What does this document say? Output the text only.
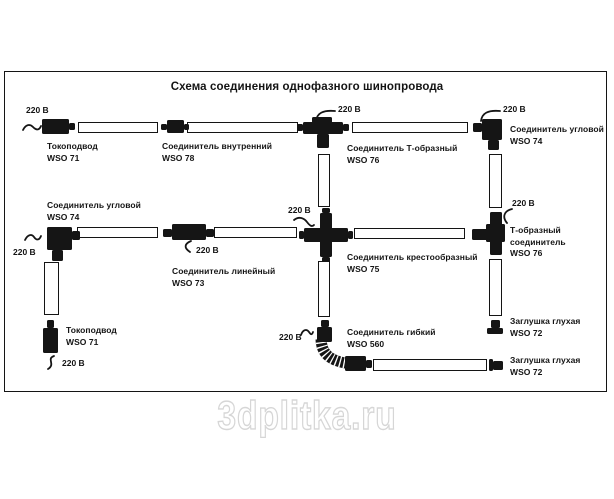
Схема соединения однофазного шинопровода
220 В	220 В	220 В
220 В	220 В
220 В
220 В
220 В
220 В
Токоподвод
WSO 71
Соединитель внутренний
WSO 78
Соединитель Т-образный
WSO 76
Соединитель угловой
WSO 74
Соединитель угловой
WSO 74
Соединитель линейный
WSO 73
Соединитель крестообразный
WSO 75
Т-образный
соединитель
WSO 76
Токоподвод
WSO 71
Соединитель гибкий
WSO 560
Заглушка глухая
WSO 72
Заглушка глухая
WSO 72
3dplitka.ru
